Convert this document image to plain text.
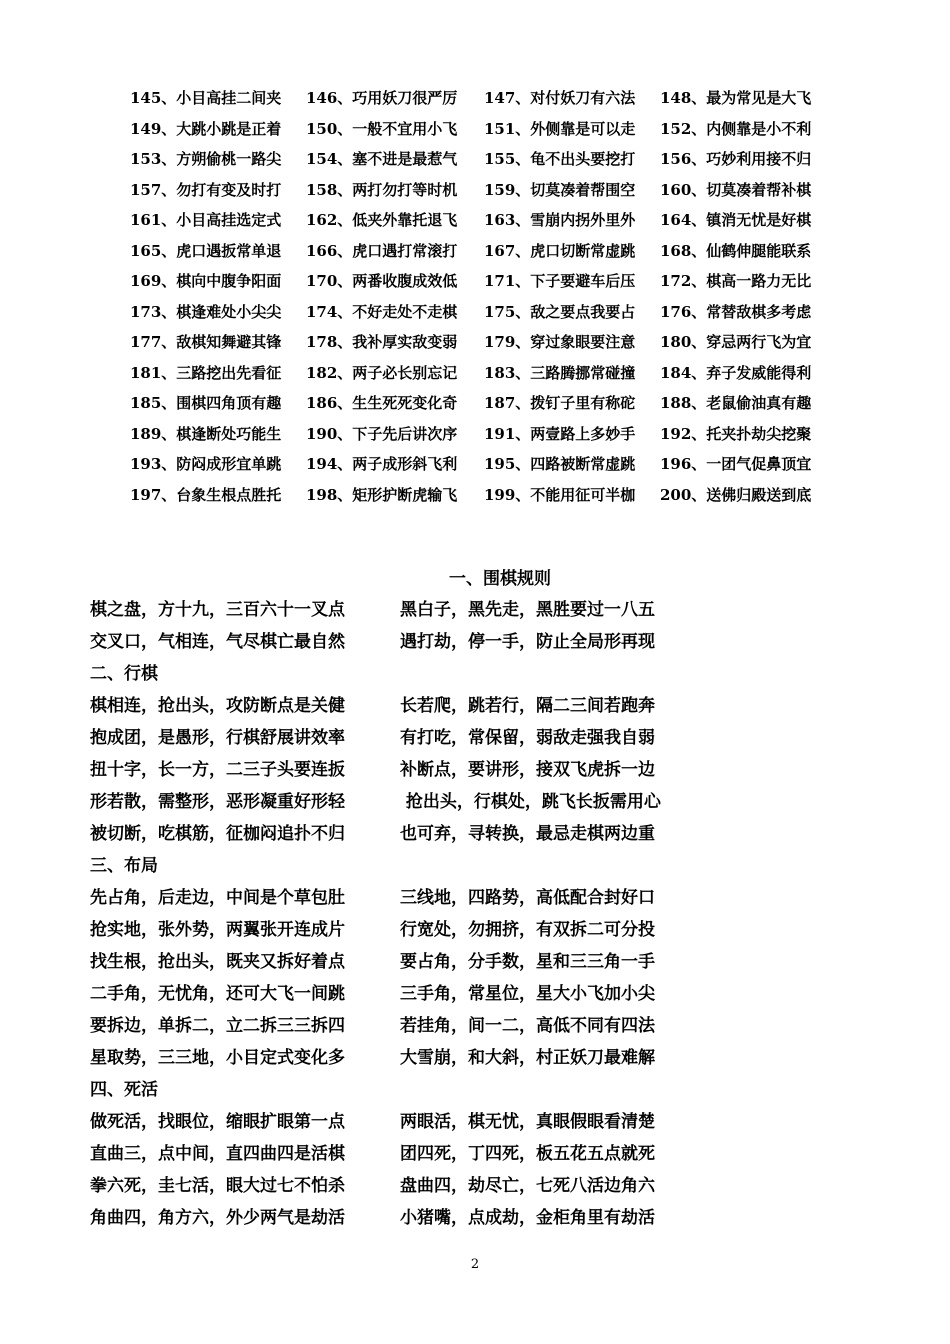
145、小目高挂二间夹	146、巧用妖刀很严厉	147、对付妖刀有六法	148、最为常见是大飞
149、大跳小跳是正着	150、一般不宜用小飞	151、外侧靠是可以走	152、内侧靠是小不利
153、方朔偷桃一路尖	154、塞不进是最惹气	155、龟不出头要挖打	156、巧妙利用接不归
157、勿打有变及时打	158、两打勿打等时机	159、切莫凑着帮围空	160、切莫凑着帮补棋
161、小目高挂选定式	162、低夹外靠托退飞	163、雪崩内拐外里外	164、镇消无忧是好棋
165、虎口遇扳常单退	166、虎口遇打常滚打	167、虎口切断常虚跳	168、仙鹤伸腿能联系
169、棋向中腹争阳面	170、两番收腹成效低	171、下子要避车后压	172、棋高一路力无比
173、棋逢难处小尖尖	174、不好走处不走棋	175、敌之要点我要占	176、常替敌棋多考虑
177、敌棋知舞避其锋	178、我补厚实敌变弱	179、穿过象眼要注意	180、穿忌两行飞为宜
181、三路挖出先看征	182、两子必长别忘记	183、三路腾挪常碰撞	184、弃子发威能得利
185、围棋四角顶有趣	186、生生死死变化奇	187、拨钉子里有称砣	188、老鼠偷油真有趣
189、棋逢断处巧能生	190、下子先后讲次序	191、两壹路上多妙手	192、托夹扑劫尖挖聚
193、防闷成形宜单跳	194、两子成形斜飞利	195、四路被断常虚跳	196、一团气促鼻顶宜
197、台象生根点胜托	198、矩形护断虎输飞	199、不能用征可半枷	200、送佛归殿送到底
一、围棋规则
棋之盘，方十九，三百六十一叉点	黑白子，黑先走，黑胜要过一八五
交叉口，气相连，气尽棋亡最自然	遇打劫，停一手，防止全局形再现
二、行棋
棋相连，抢出头，攻防断点是关健	长若爬，跳若行，隔二三间若跑奔
抱成团，是愚形，行棋舒展讲效率	有打吃，常保留，弱敌走强我自弱
扭十字，长一方，二三子头要连扳	补断点，要讲形，接双飞虎拆一边
形若散，需整形，恶形凝重好形轻	抢出头，行棋处，跳飞长扳需用心
被切断，吃棋筋，征枷闷追扑不归	也可弃，寻转换，最忌走棋两边重
三、布局
先占角，后走边，中间是个草包肚	三线地，四路势，高低配合封好口
抢实地，张外势，两翼张开连成片	行宽处，勿拥挤，有双拆二可分投
找生根，抢出头，既夹又拆好着点	要占角，分手数，星和三三角一手
二手角，无忧角，还可大飞一间跳	三手角，常星位，星大小飞加小尖
要拆边，单拆二，立二拆三三拆四	若挂角，间一二，高低不同有四法
星取势，三三地，小目定式变化多	大雪崩，和大斜，村正妖刀最难解
四、死活
做死活，找眼位，缩眼扩眼第一点	两眼活，棋无忧，真眼假眼看清楚
直曲三，点中间，直四曲四是活棋	团四死，丁四死，板五花五点就死
拳六死，圭七活，眼大过七不怕杀	盘曲四，劫尽亡，七死八活边角六
角曲四，角方六，外少两气是劫活	小猪嘴，点成劫，金柜角里有劫活
2
